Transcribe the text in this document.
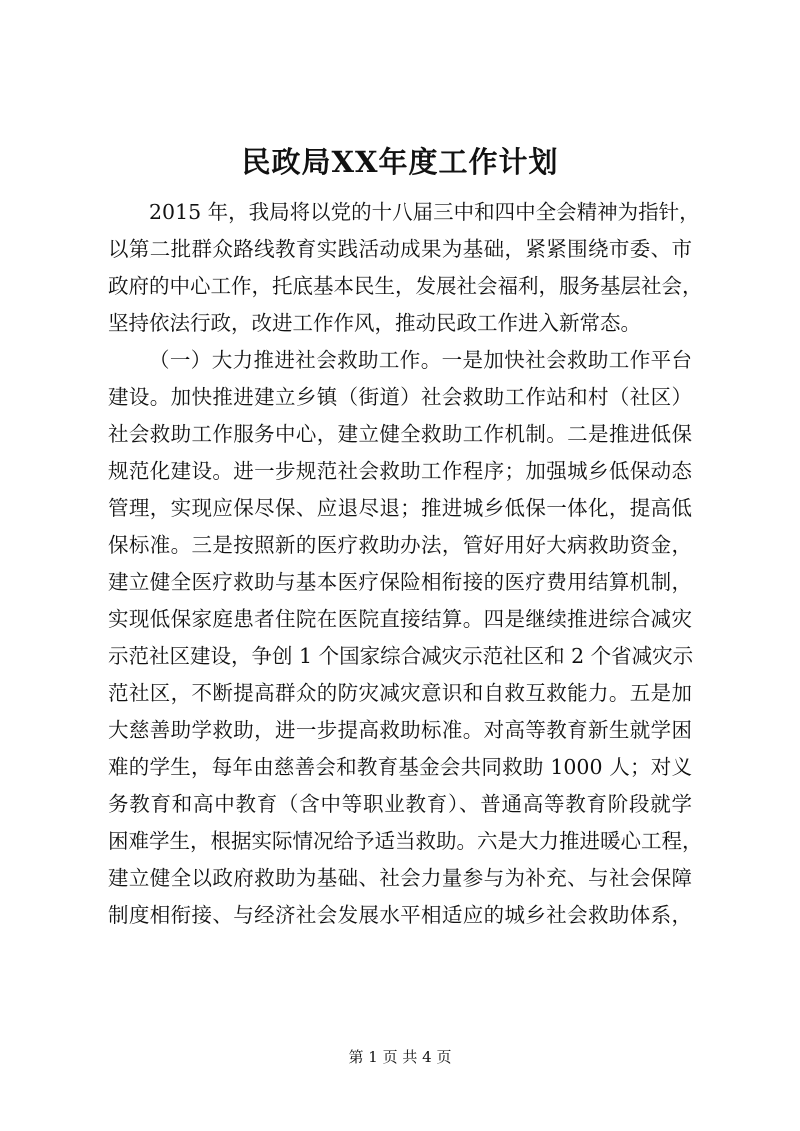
民政局XX年度工作计划
2015 年，我局将以党的十八届三中和四中全会精神为指针，
以第二批群众路线教育实践活动成果为基础，紧紧围绕市委、市
政府的中心工作，托底基本民生，发展社会福利，服务基层社会，
坚持依法行政，改进工作作风，推动民政工作进入新常态。
（一）大力推进社会救助工作。一是加快社会救助工作平台
建设。加快推进建立乡镇（街道）社会救助工作站和村（社区）
社会救助工作服务中心，建立健全救助工作机制。二是推进低保
规范化建设。进一步规范社会救助工作程序；加强城乡低保动态
管理，实现应保尽保、应退尽退；推进城乡低保一体化，提高低
保标准。三是按照新的医疗救助办法，管好用好大病救助资金，
建立健全医疗救助与基本医疗保险相衔接的医疗费用结算机制，
实现低保家庭患者住院在医院直接结算。四是继续推进综合减灾
示范社区建设，争创 1 个国家综合减灾示范社区和 2 个省减灾示
范社区，不断提高群众的防灾减灾意识和自救互救能力。五是加
大慈善助学救助，进一步提高救助标准。对高等教育新生就学困
难的学生，每年由慈善会和教育基金会共同救助 1000 人；对义
务教育和高中教育（含中等职业教育）、普通高等教育阶段就学
困难学生，根据实际情况给予适当救助。六是大力推进暖心工程，
建立健全以政府救助为基础、社会力量参与为补充、与社会保障
制度相衔接、与经济社会发展水平相适应的城乡社会救助体系，
第 1 页 共 4 页
